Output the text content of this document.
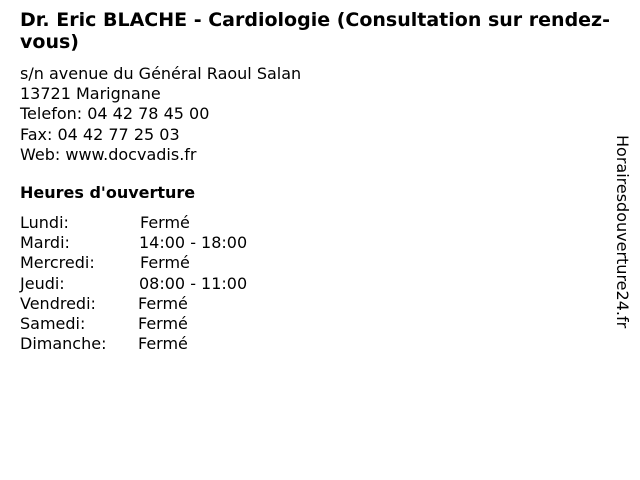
Dr. Eric BLACHE - Cardiologie (Consultation sur rendez-vous)
s/n avenue du Général Raoul Salan
13721 Marignane
Telefon: 04 42 78 45 00
Fax: 04 42 77 25 03
Web: www.docvadis.fr
Heures d'ouverture
Lundi:	Fermé
Mardi:	14:00 - 18:00
Mercredi:	Fermé
Jeudi:	08:00 - 11:00
Vendredi:	Fermé
Samedi:	Fermé
Dimanche: Fermé
Horairesdouverture24.fr
